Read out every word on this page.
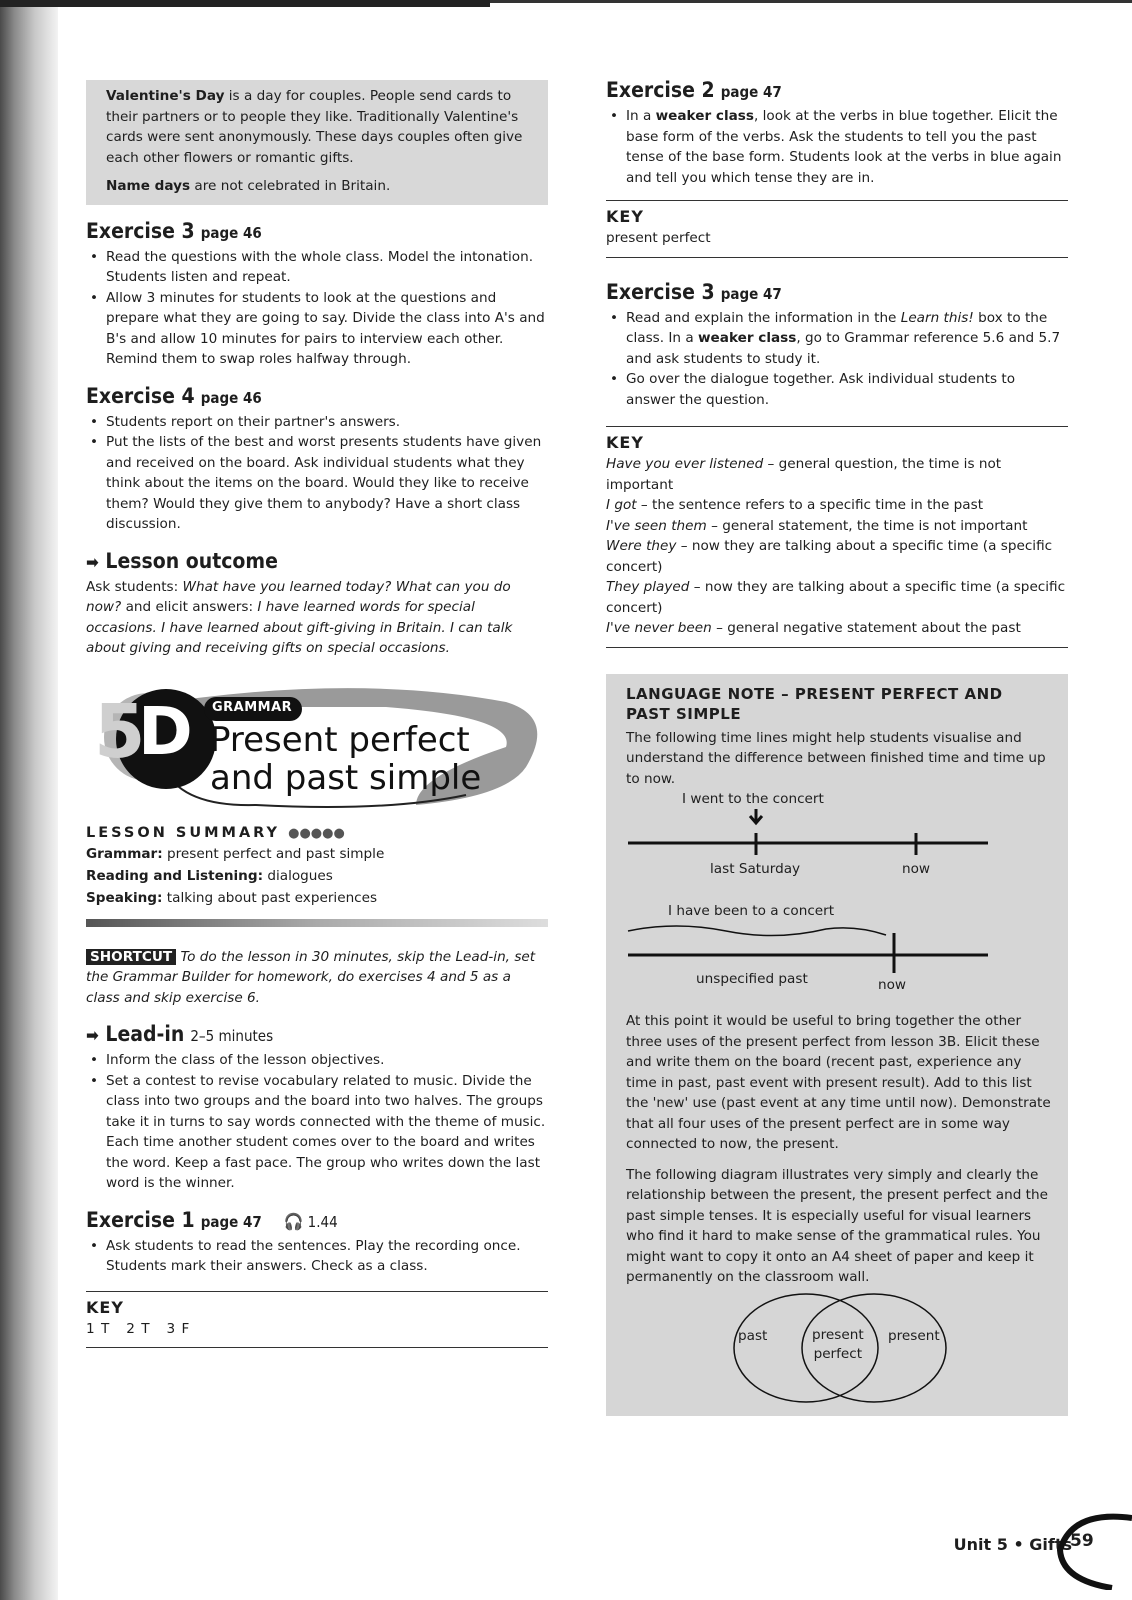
Valentine's Day is a day for couples. People send cards to their partners or to people they like. Traditionally Valentine's cards were sent anonymously. These days couples often give each other flowers or romantic gifts.

Name days are not celebrated in Britain.

Exercise 3 page 46
• Read the questions with the whole class. Model the intonation. Students listen and repeat.
• Allow 3 minutes for students to look at the questions and prepare what they are going to say. Divide the class into A's and B's and allow 10 minutes for pairs to interview each other. Remind them to swap roles halfway through.
Exercise 4 page 46
• Students report on their partner's answers.
• Put the lists of the best and worst presents students have given and received on the board. Ask individual students what they think about the items on the board. Would they like to receive them? Would they give them to anybody? Have a short class discussion.
➡ Lesson outcome

Ask students: What have you learned today? What can you do now? and elicit answers: I have learned words for special occasions. I have learned about gift-giving in Britain. I can talk about giving and receiving gifts on special occasions.

5
D GRAMMAR
Present perfect
and past simple
LESSON SUMMARY ●●●●●

Grammar: present perfect and past simple

Reading and Listening: dialogues

Speaking: talking about past experiences

SHORTCUT To do the lesson in 30 minutes, skip the Lead-in, set the Grammar Builder for homework, do exercises 4 and 5 as a class and skip exercise 6.

➡ Lead-in 2–5 minutes
• Inform the class of the lesson objectives.
• Set a contest to revise vocabulary related to music. Divide the class into two groups and the board into two halves. The groups take it in turns to say words connected with the theme of music. Each time another student comes over to the board and writes the word. Keep a fast pace. The group who writes down the last word is the winner.
Exercise 1 page 47 🎧 1.44
• Ask students to read the sentences. Play the recording once. Students mark their answers. Check as a class.
KEY

1 T   2 T   3 F

Exercise 2 page 47
• In a weaker class, look at the verbs in blue together. Elicit the base form of the verbs. Ask the students to tell you the past tense of the base form. Students look at the verbs in blue again and tell you which tense they are in.
KEY

present perfect

Exercise 3 page 47
• Read and explain the information in the Learn this! box to the class. In a weaker class, go to Grammar reference 5.6 and 5.7 and ask students to study it.
• Go over the dialogue together. Ask individual students to answer the question.
KEY

Have you ever listened – general question, the time is not important

I got – the sentence refers to a specific time in the past

I've seen them – general statement, the time is not important

Were they – now they are talking about a specific time (a specific concert)

They played – now they are talking about a specific time (a specific concert)

I've never been – general negative statement about the past

LANGUAGE NOTE – PRESENT PERFECT AND PAST SIMPLE

The following time lines might help students visualise and understand the difference between finished time and time up to now.

I went to the concert
last Saturday	now
I have been to a concert
unspecified past	now

At this point it would be useful to bring together the other three uses of the present perfect from lesson 3B. Elicit these and write them on the board (recent past, experience any time in past, past event with present result). Add to this list the 'new' use (past event at any time until now). Demonstrate that all four uses of the present perfect are in some way connected to now, the present.

The following diagram illustrates very simply and clearly the relationship between the present, the present perfect and the past simple tenses. It is especially useful for visual learners who find it hard to make sense of the grammatical rules. You might want to copy it onto an A4 sheet of paper and keep it permanently on the classroom wall.

past	present
perfect
present
Unit 5 • Gifts
59
